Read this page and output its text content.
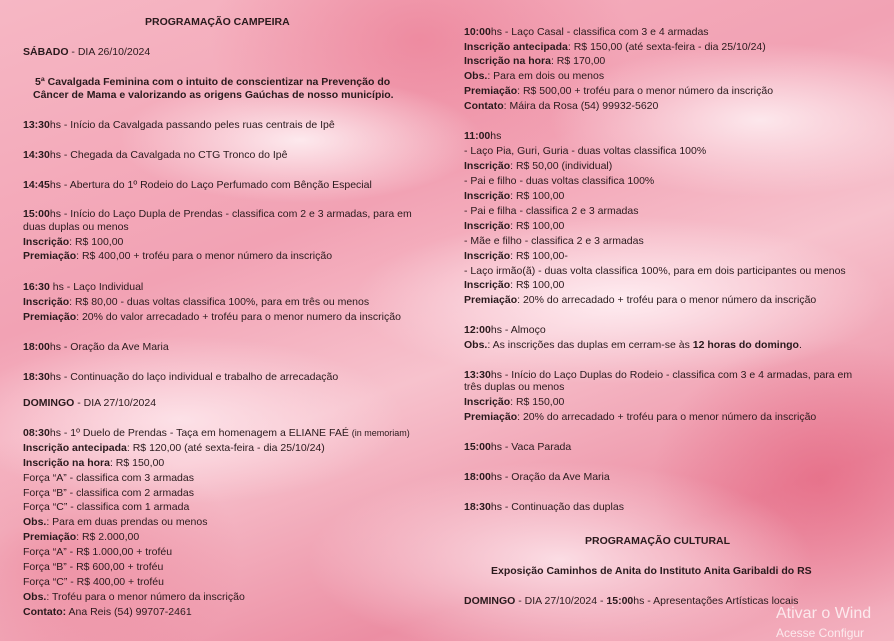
PROGRAMAÇÃO CAMPEIRA
SÁBADO - DIA 26/10/2024
5ª Cavalgada Feminina com o intuito de conscientizar na Prevenção do
Câncer de Mama e valorizando as origens Gaúchas de nosso município.
13:30hs - Início da Cavalgada passando peles ruas centrais de Ipê
14:30hs - Chegada da Cavalgada no CTG Tronco do Ipê
14:45hs - Abertura do 1º Rodeio do Laço Perfumado com Bênção Especial
15:00hs - Início do Laço Dupla de Prendas - classifica com 2 e 3 armadas, para em
duas duplas ou menos
Inscrição: R$ 100,00
Premiação: R$ 400,00 + troféu para o menor número da inscrição
16:30 hs - Laço Individual
Inscrição: R$ 80,00 - duas voltas classifica 100%, para em três ou menos
Premiação: 20% do valor arrecadado + troféu para o menor numero da inscrição
18:00hs - Oração da Ave Maria
18:30hs - Continuação do laço individual e trabalho de arrecadação
DOMINGO - DIA 27/10/2024
08:30hs - 1º Duelo de Prendas - Taça em homenagem a ELIANE FAÉ (in memoriam)
Inscrição antecipada: R$ 120,00 (até sexta-feira - dia 25/10/24)
Inscrição na hora: R$ 150,00
Força “A” - classifica com 3 armadas
Força “B” - classifica com 2 armadas
Força “C” - classifica com 1 armada
Obs.: Para em duas prendas ou menos
Premiação: R$ 2.000,00
Força “A” - R$ 1.000,00 + troféu
Força “B” - R$ 600,00 + troféu
Força “C” - R$ 400,00 + troféu
Obs.: Troféu para o menor número da inscrição
Contato: Ana Reis (54) 99707-2461
10:00hs - Laço Casal - classifica com 3 e 4 armadas
Inscrição antecipada: R$ 150,00 (até sexta-feira - dia 25/10/24)
Inscrição na hora: R$ 170,00
Obs.: Para em dois ou menos
Premiação: R$ 500,00 + troféu para o menor número da inscrição
Contato: Máira da Rosa (54) 99932-5620
11:00hs
- Laço Pia, Guri, Guria - duas voltas classifica 100%
Inscrição: R$ 50,00 (individual)
- Pai e filho - duas voltas classifica 100%
Inscrição: R$ 100,00
- Pai e filha - classifica 2 e 3 armadas
Inscrição: R$ 100,00
- Mãe e filho - classifica 2 e 3 armadas
Inscrição: R$ 100,00-
- Laço irmão(ã) - duas volta classifica 100%, para em dois participantes ou menos
Inscrição: R$ 100,00
Premiação: 20% do arrecadado + troféu para o menor número da inscrição
12:00hs - Almoço
Obs.: As inscrições das duplas em cerram-se às 12 horas do domingo.
13:30hs - Início do Laço Duplas do Rodeio - classifica com 3 e 4 armadas, para em
três duplas ou menos
Inscrição: R$ 150,00
Premiação: 20% do arrecadado + troféu para o menor número da inscrição
15:00hs - Vaca Parada
18:00hs - Oração da Ave Maria
18:30hs - Continuação das duplas
PROGRAMAÇÃO CULTURAL
Exposição Caminhos de Anita do Instituto Anita Garibaldi do RS
DOMINGO - DIA 27/10/2024 - 15:00hs - Apresentações Artísticas locais
Ativar o Wind
Acesse Configur
